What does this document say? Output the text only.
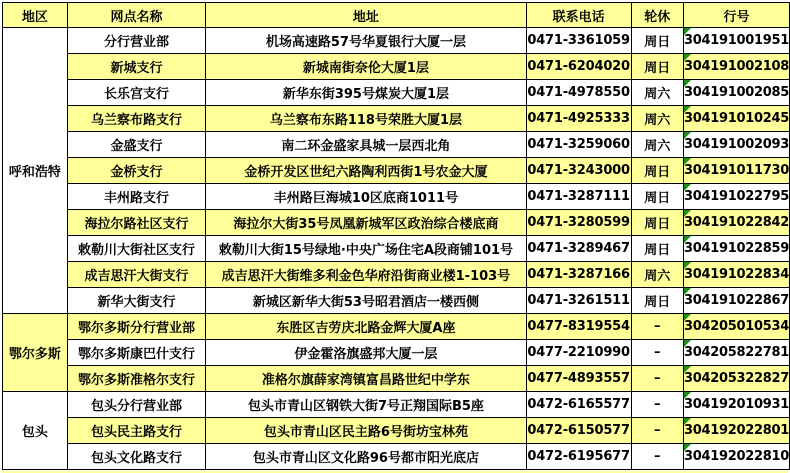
地区	网点名称	地址	联系电话	轮休	行号
呼和浩特	分行营业部	机场高速路57号华夏银行大厦一层	0471-3361059	周日	304191001951
	新城支行	新城南街奈伦大厦1层	0471-6204020	周日	304191002108
	长乐宫支行	新华东街395号煤炭大厦1层	0471-4978550	周六	304191002085
	乌兰察布路支行	乌兰察布东路118号荣胜大厦1层	0471-4925333	周六	304191010245
	金盛支行	南二环金盛家具城一层西北角	0471-3259060	周六	304191002093
	金桥支行	金桥开发区世纪六路陶利西街1号农金大厦	0471-3243000	周日	304191011730
	丰州路支行	丰州路巨海城10区底商1011号	0471-3287111	周日	304191022795
	海拉尔路社区支行	海拉尔大街35号凤凰新城军区政治综合楼底商	0471-3280599	周日	304191022842
	敕勒川大街社区支行	敕勒川大街15号绿地·中央广场住宅A段商铺101号	0471-3289467	周日	304191022859
	成吉思汗大街支行	成吉思汗大街维多利金色华府沿街商业楼1-103号	0471-3287166	周六	304191022834
	新华大街支行	新城区新华大街53号昭君酒店一楼西侧	0471-3261511	周日	304191022867
鄂尔多斯	鄂尔多斯分行营业部	东胜区吉劳庆北路金辉大厦A座	0477-8319554	–	304205010534
	鄂尔多斯康巴什支行	伊金霍洛旗盛邦大厦一层	0477-2210990	–	304205822781
	鄂尔多斯准格尔支行	准格尔旗薛家湾镇富昌路世纪中学东	0477-4893557	–	304205322827
包头	包头分行营业部	包头市青山区钢铁大街7号正翔国际B5座	0472-6165577	–	304192010931
	包头民主路支行	包头市青山区民主路6号街坊宝林苑	0472-6150577	–	304192022801
	包头文化路支行	包头市青山区文化路96号都市阳光底店	0472-6195677	–	304192022810
